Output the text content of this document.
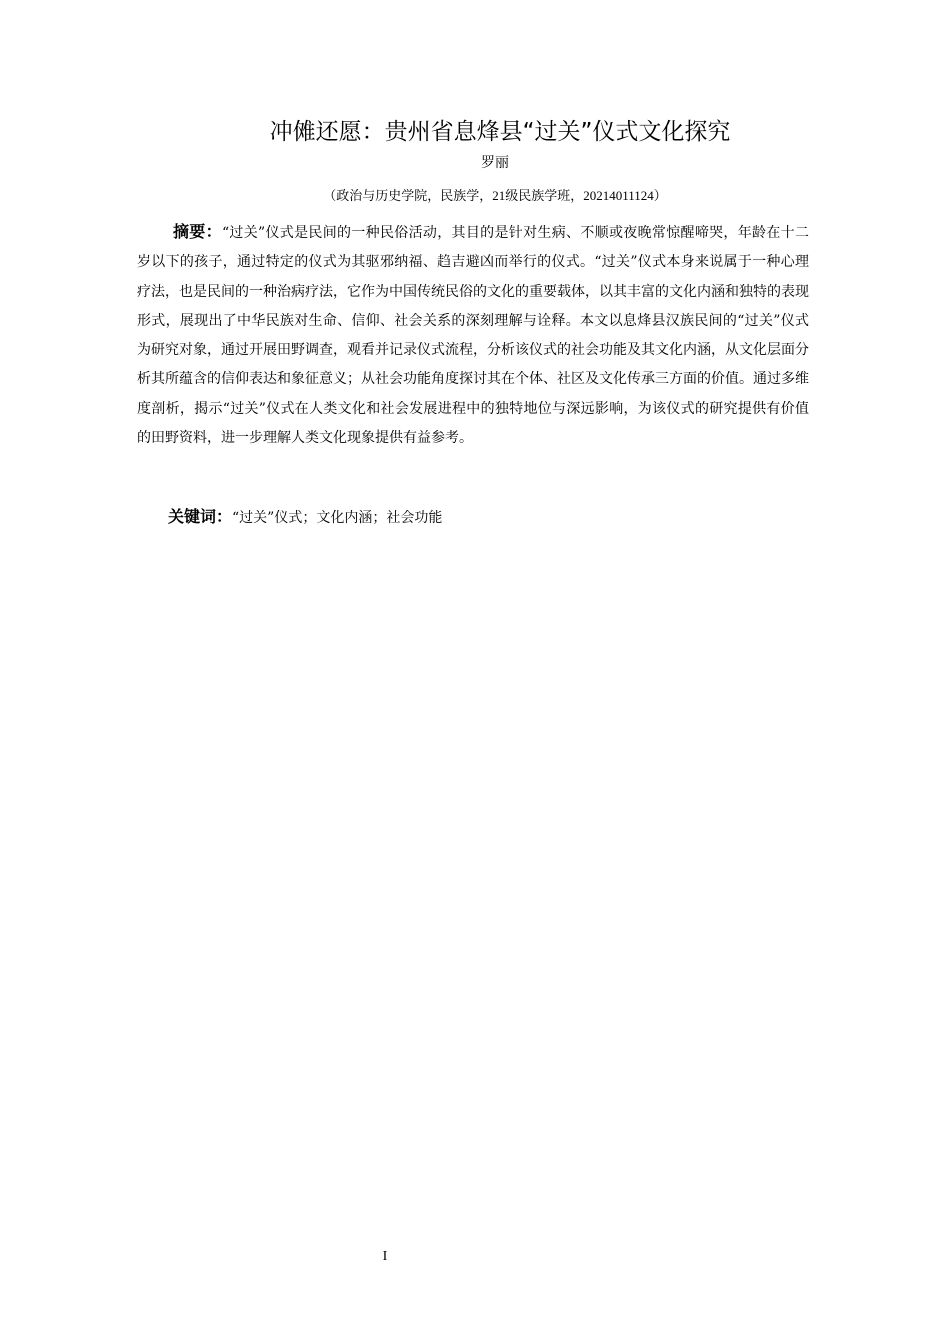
冲傩还愿：贵州省息烽县“过关”仪式文化探究
罗丽
（政治与历史学院，民族学，21级民族学班，20214011124）

摘要：“过关”仪式是民间的一种民俗活动，其目的是针对生病、不顺或夜晚常惊醒啼哭，年龄在十二岁以下的孩子，通过特定的仪式为其驱邪纳福、趋吉避凶而举行的仪式。“过关”仪式本身来说属于一种心理疗法，也是民间的一种治病疗法，它作为中国传统民俗的文化的重要载体，以其丰富的文化内涵和独特的表现形式，展现出了中华民族对生命、信仰、社会关系的深刻理解与诠释。本文以息烽县汉族民间的“过关”仪式为研究对象，通过开展田野调查，观看并记录仪式流程，分析该仪式的社会功能及其文化内涵，从文化层面分析其所蕴含的信仰表达和象征意义；从社会功能角度探讨其在个体、社区及文化传承三方面的价值。通过多维度剖析，揭示“过关”仪式在人类文化和社会发展进程中的独特地位与深远影响，为该仪式的研究提供有价值的田野资料，进一步理解人类文化现象提供有益参考。

关键词：“过关”仪式；文化内涵；社会功能
I
